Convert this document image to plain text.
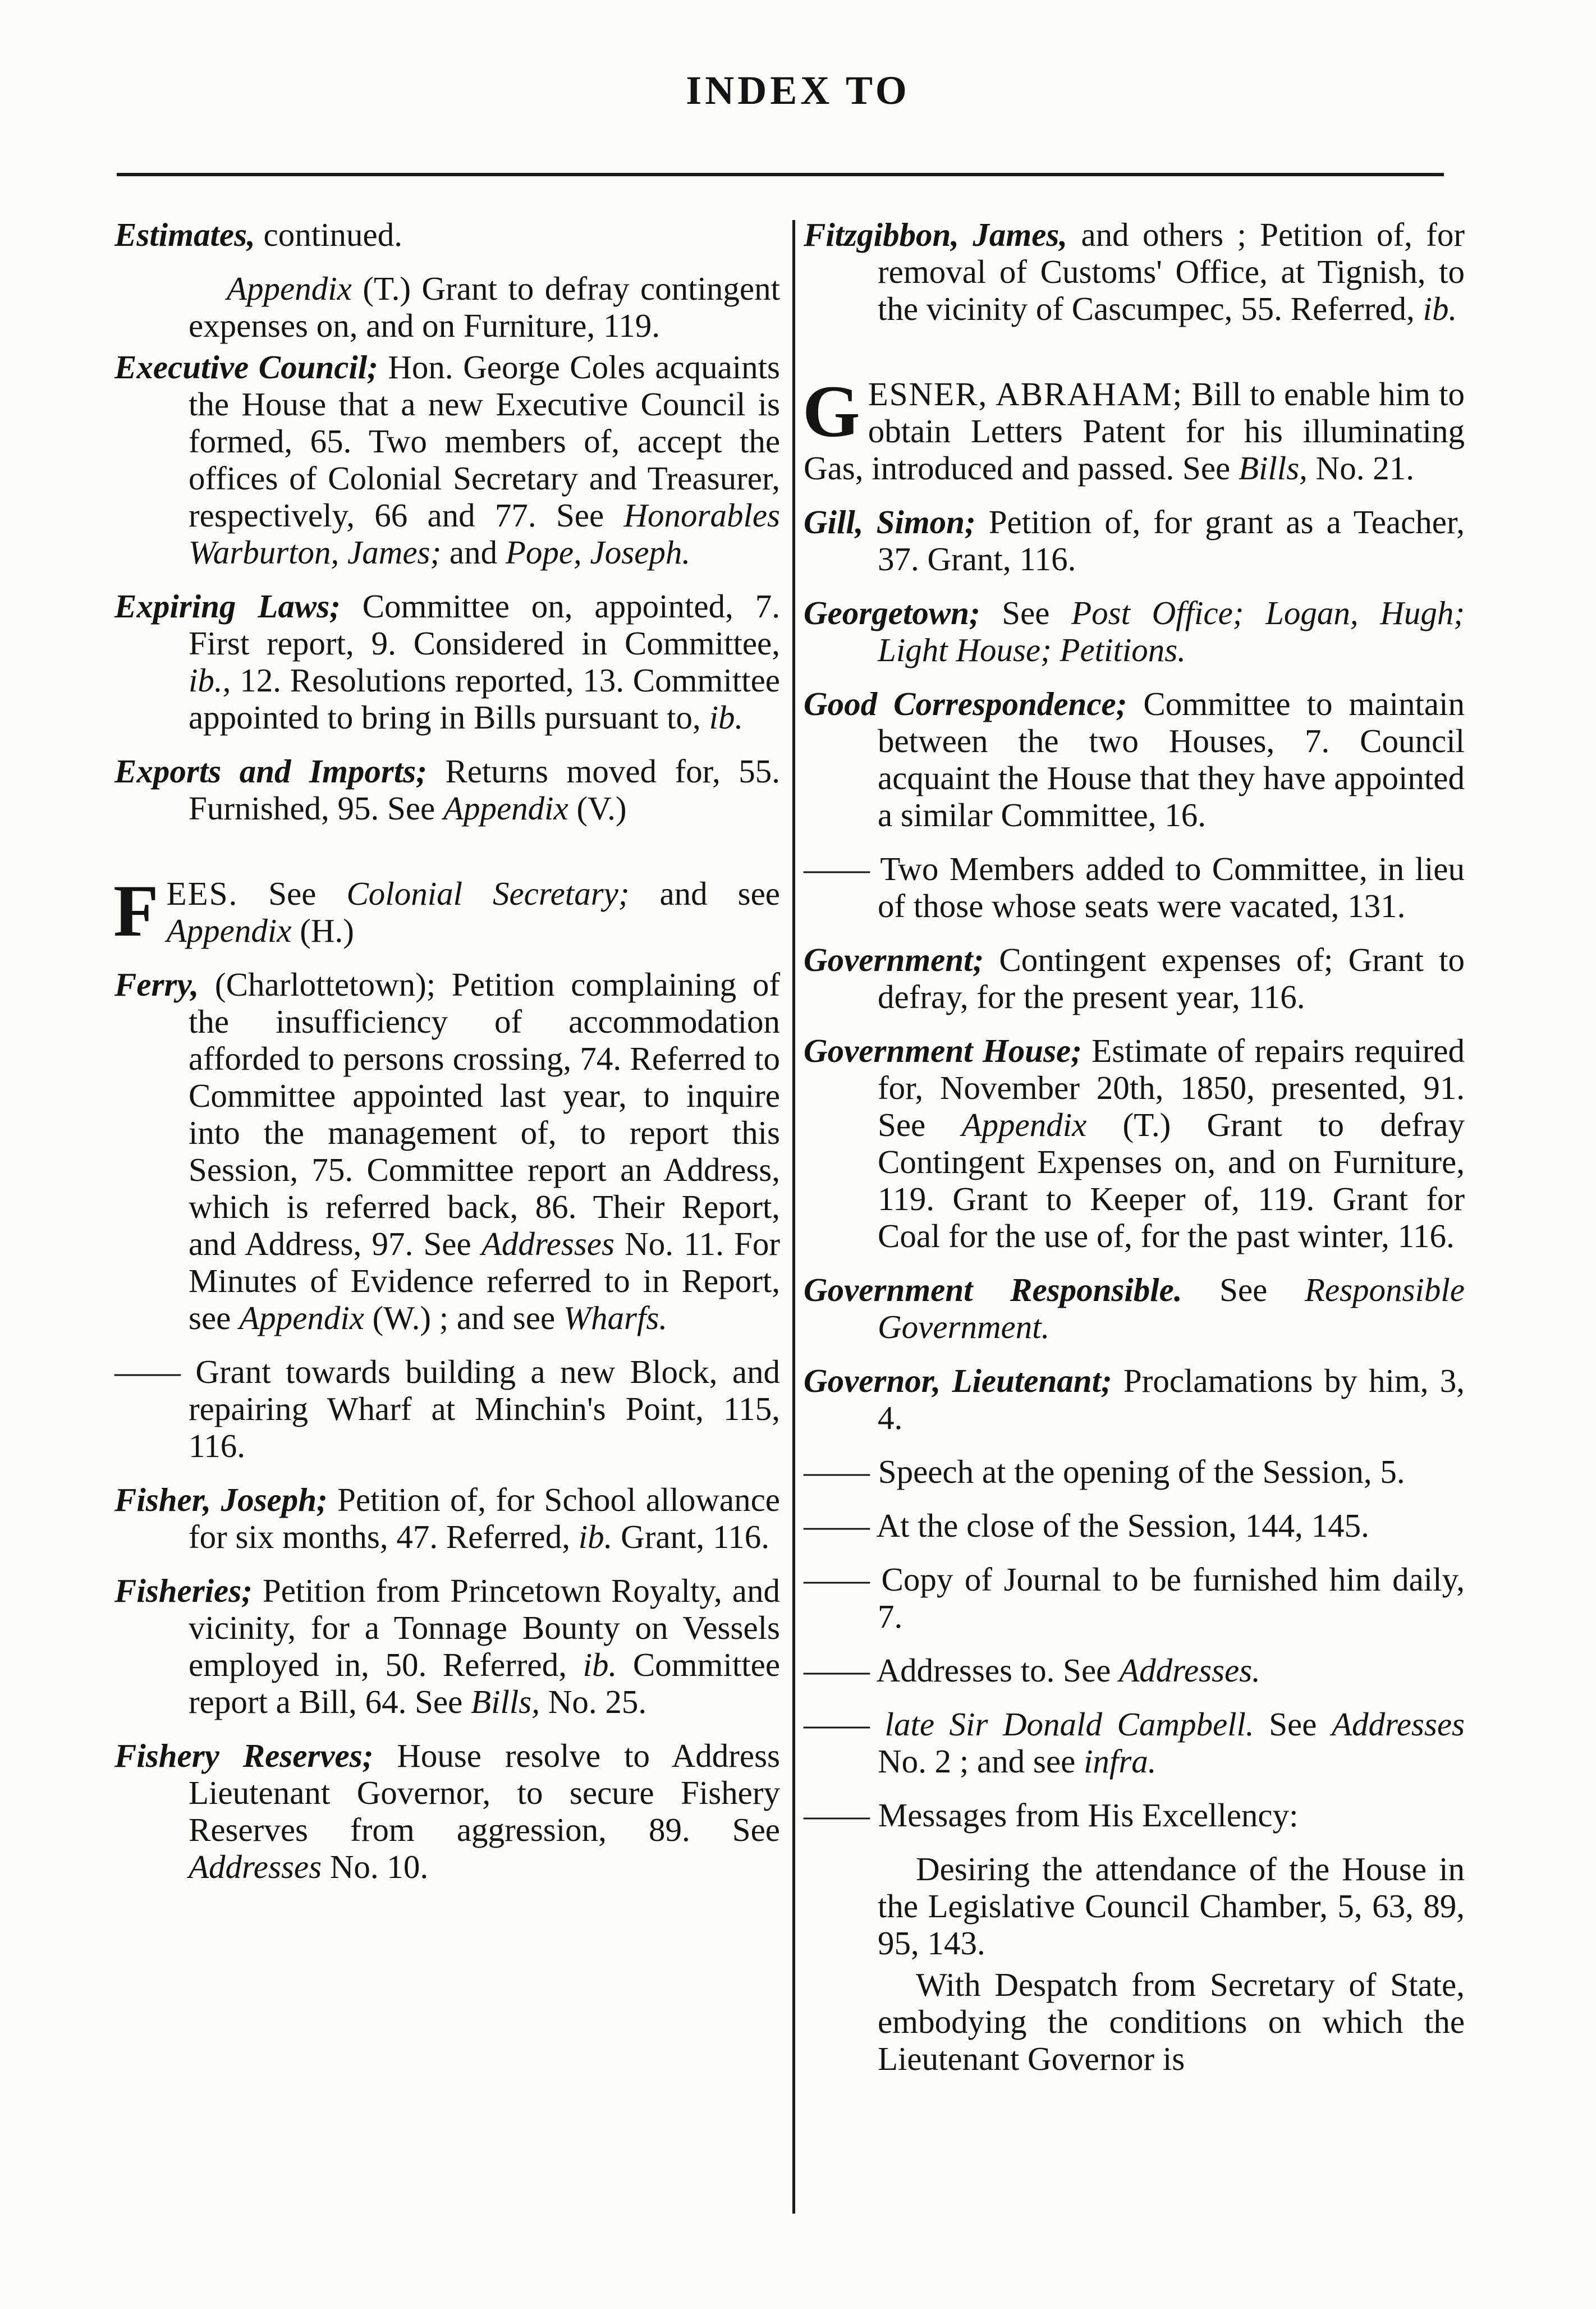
INDEX TO
Estimates, continued.
Appendix (T.) Grant to defray contingent expenses on, and on Furniture, 119.
Executive Council; Hon. George Coles acquaints the House that a new Executive Council is formed, 65. Two members of, accept the offices of Colonial Secretary and Treasurer, respectively, 66 and 77. See Honorables Warburton, James; and Pope, Joseph.
Expiring Laws; Committee on, appointed, 7. First report, 9. Considered in Committee, ib., 12. Resolutions reported, 13. Committee appointed to bring in Bills pursuant to, ib.
Exports and Imports; Returns moved for, 55. Furnished, 95. See Appendix (V.)
FEES. See Colonial Secretary; and see Appendix (H.)
Ferry, (Charlottetown); Petition complaining of the insufficiency of accommodation afforded to persons crossing, 74. Referred to Committee appointed last year, to inquire into the management of, to report this Session, 75. Committee report an Address, which is referred back, 86. Their Report, and Address, 97. See Addresses No. 11. For Minutes of Evidence referred to in Report, see Appendix (W.) ; and see Wharfs.
—— Grant towards building a new Block, and repairing Wharf at Minchin's Point, 115, 116.
Fisher, Joseph; Petition of, for School allowance for six months, 47. Referred, ib. Grant, 116.
Fisheries; Petition from Princetown Royalty, and vicinity, for a Tonnage Bounty on Vessels employed in, 50. Referred, ib. Committee report a Bill, 64. See Bills, No. 25.
Fishery Reserves; House resolve to Address Lieutenant Governor, to secure Fishery Reserves from aggression, 89. See Addresses No. 10.
Fitzgibbon, James, and others ; Petition of, for removal of Customs' Office, at Tignish, to the vicinity of Cascumpec, 55. Referred, ib.
GESNER, ABRAHAM; Bill to enable him to obtain Letters Patent for his illuminating Gas, introduced and passed. See Bills, No. 21.
Gill, Simon; Petition of, for grant as a Teacher, 37. Grant, 116.
Georgetown; See Post Office; Logan, Hugh; Light House; Petitions.
Good Correspondence; Committee to maintain between the two Houses, 7. Council acquaint the House that they have appointed a similar Committee, 16.
—— Two Members added to Committee, in lieu of those whose seats were vacated, 131.
Government; Contingent expenses of; Grant to defray, for the present year, 116.
Government House; Estimate of repairs required for, November 20th, 1850, presented, 91. See Appendix (T.) Grant to defray Contingent Expenses on, and on Furniture, 119. Grant to Keeper of, 119. Grant for Coal for the use of, for the past winter, 116.
Government Responsible. See Responsible Government.
Governor, Lieutenant; Proclamations by him, 3, 4.
—— Speech at the opening of the Session, 5.
—— At the close of the Session, 144, 145.
—— Copy of Journal to be furnished him daily, 7.
—— Addresses to. See Addresses.
—— late Sir Donald Campbell. See Addresses No. 2 ; and see infra.
—— Messages from His Excellency:
Desiring the attendance of the House in the Legislative Council Chamber, 5, 63, 89, 95, 143.
With Despatch from Secretary of State, embodying the conditions on which the Lieutenant Governor is
